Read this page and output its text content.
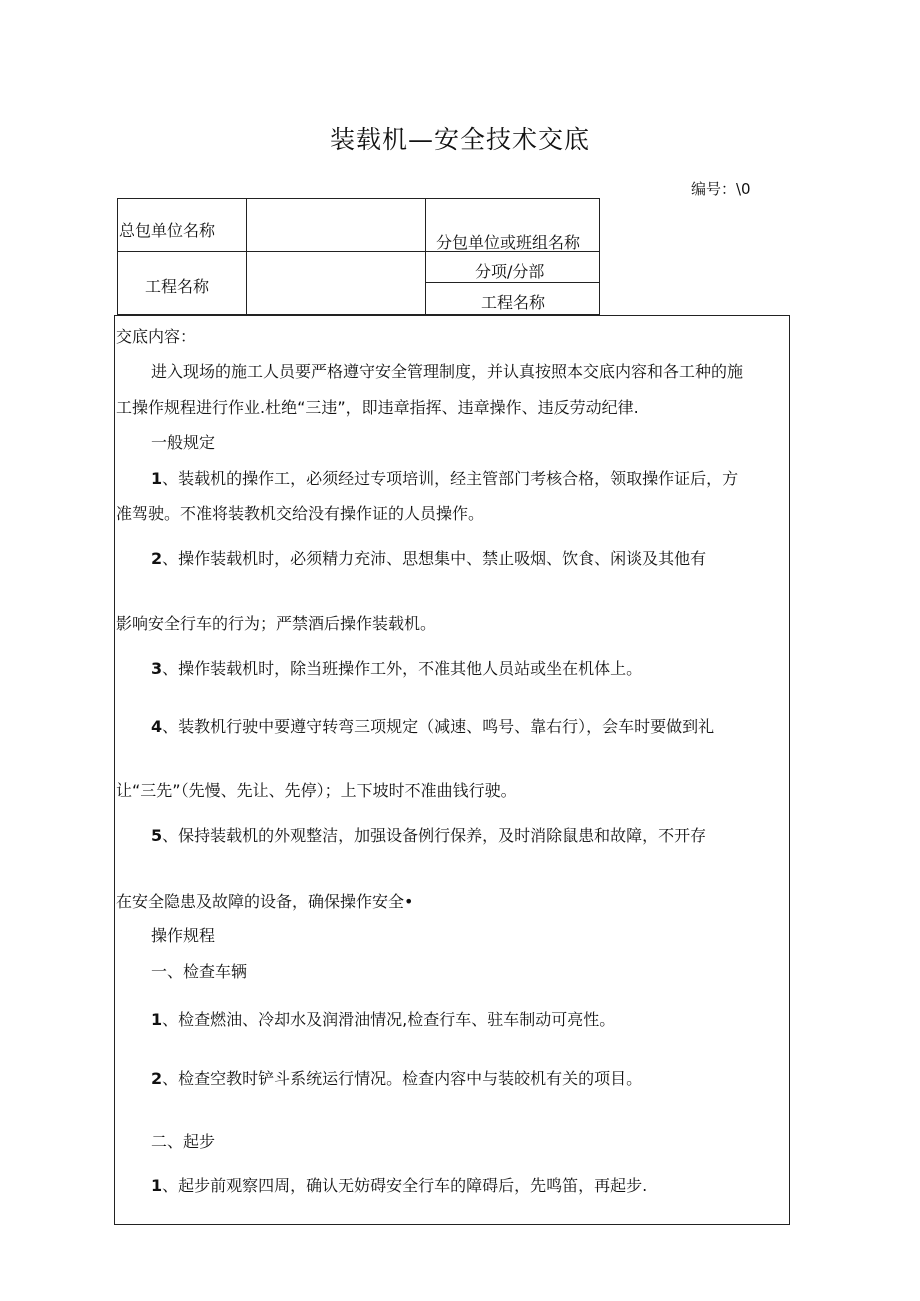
装载机—安全技术交底
编号：\0
总包单位名称
分包单位或班组名称
工程名称
分项/分部
工程名称
交底内容：
进入现场的施工人员要严格遵守安全管理制度，并认真按照本交底内容和各工种的施
工操作规程进行作业.杜绝“三违”，即违章指挥、违章操作、违反劳动纪律.
一般规定
1、装载机的操作工，必须经过专项培训，经主管部门考核合格，领取操作证后，方
准驾驶。不准将装教机交给没有操作证的人员操作。
2、操作装载机时，必须精力充沛、思想集中、禁止吸烟、饮食、闲谈及其他有
影响安全行车的行为；严禁酒后操作装载机。
3、操作装载机时，除当班操作工外，不准其他人员站或坐在机体上。
4、装教机行驶中要遵守转弯三项规定（减速、鸣号、靠右行），会车时要做到礼
让“三先”（先慢、先让、先停）；上下坡时不准曲钱行驶。
5、保持装载机的外观整洁，加强设备例行保养，及时消除鼠患和故障，不开存
在安全隐患及故障的设备，确保操作安全•
操作规程
一、检查车辆
1、检查燃油、冷却水及润滑油情况,检查行车、驻车制动可亮性。
2、检查空教时铲斗系统运行情况。检查内容中与装皎机有关的项目。
二、起步
1、起步前观察四周，确认无妨碍安全行车的障碍后，先鸣笛，再起步.
